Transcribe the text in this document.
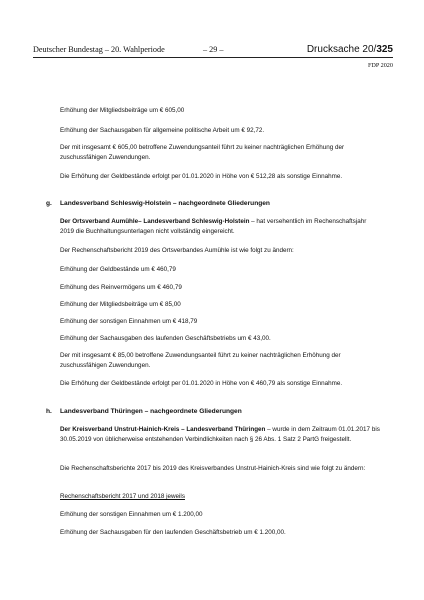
Deutscher Bundestag – 20. Wahlperiode	– 29 –	Drucksache 20/325
FDP 2020
Erhöhung der Mitgliedsbeiträge um € 605,00
Erhöhung der Sachausgaben für allgemeine politische Arbeit um € 92,72.
Der mit insgesamt € 605,00 betroffene Zuwendungsanteil führt zu keiner nachträglichen Erhöhung der zuschussfähigen Zuwendungen.
Die Erhöhung der Geldbestände erfolgt per 01.01.2020 in Höhe von € 512,28 als sonstige Einnahme.
g. Landesverband Schleswig-Holstein – nachgeordnete Gliederungen
Der Ortsverband Aumühle– Landesverband Schleswig-Holstein – hat versehentlich im Rechenschaftsjahr 2019 die Buchhaltungsunterlagen nicht vollständig eingereicht.
Der Rechenschaftsbericht 2019 des Ortsverbandes Aumühle ist wie folgt zu ändern:
Erhöhung der Geldbestände um € 460,79
Erhöhung des Reinvermögens um € 460,79
Erhöhung der Mitgliedsbeiträge um € 85,00
Erhöhung der sonstigen Einnahmen um € 418,79
Erhöhung der Sachausgaben des laufenden Geschäftsbetriebs um € 43,00.
Der mit insgesamt € 85,00 betroffene Zuwendungsanteil führt zu keiner nachträglichen Erhöhung der zuschussfähigen Zuwendungen.
Die Erhöhung der Geldbestände erfolgt per 01.01.2020 in Höhe von € 460,79 als sonstige Einnahme.
h. Landesverband Thüringen – nachgeordnete Gliederungen
Der Kreisverband Unstrut-Hainich-Kreis – Landesverband Thüringen – wurde in dem Zeitraum 01.01.2017 bis 30.05.2019 von üblicherweise entstehenden Verbindlichkeiten nach § 26 Abs. 1 Satz 2 PartG freigestellt.
Die Rechenschaftsberichte 2017 bis 2019 des Kreisverbandes Unstrut-Hainich-Kreis sind wie folgt zu ändern:
Rechenschaftsbericht 2017 und 2018 jeweils
Erhöhung der sonstigen Einnahmen um € 1.200,00
Erhöhung der Sachausgaben für den laufenden Geschäftsbetrieb um € 1.200,00.
